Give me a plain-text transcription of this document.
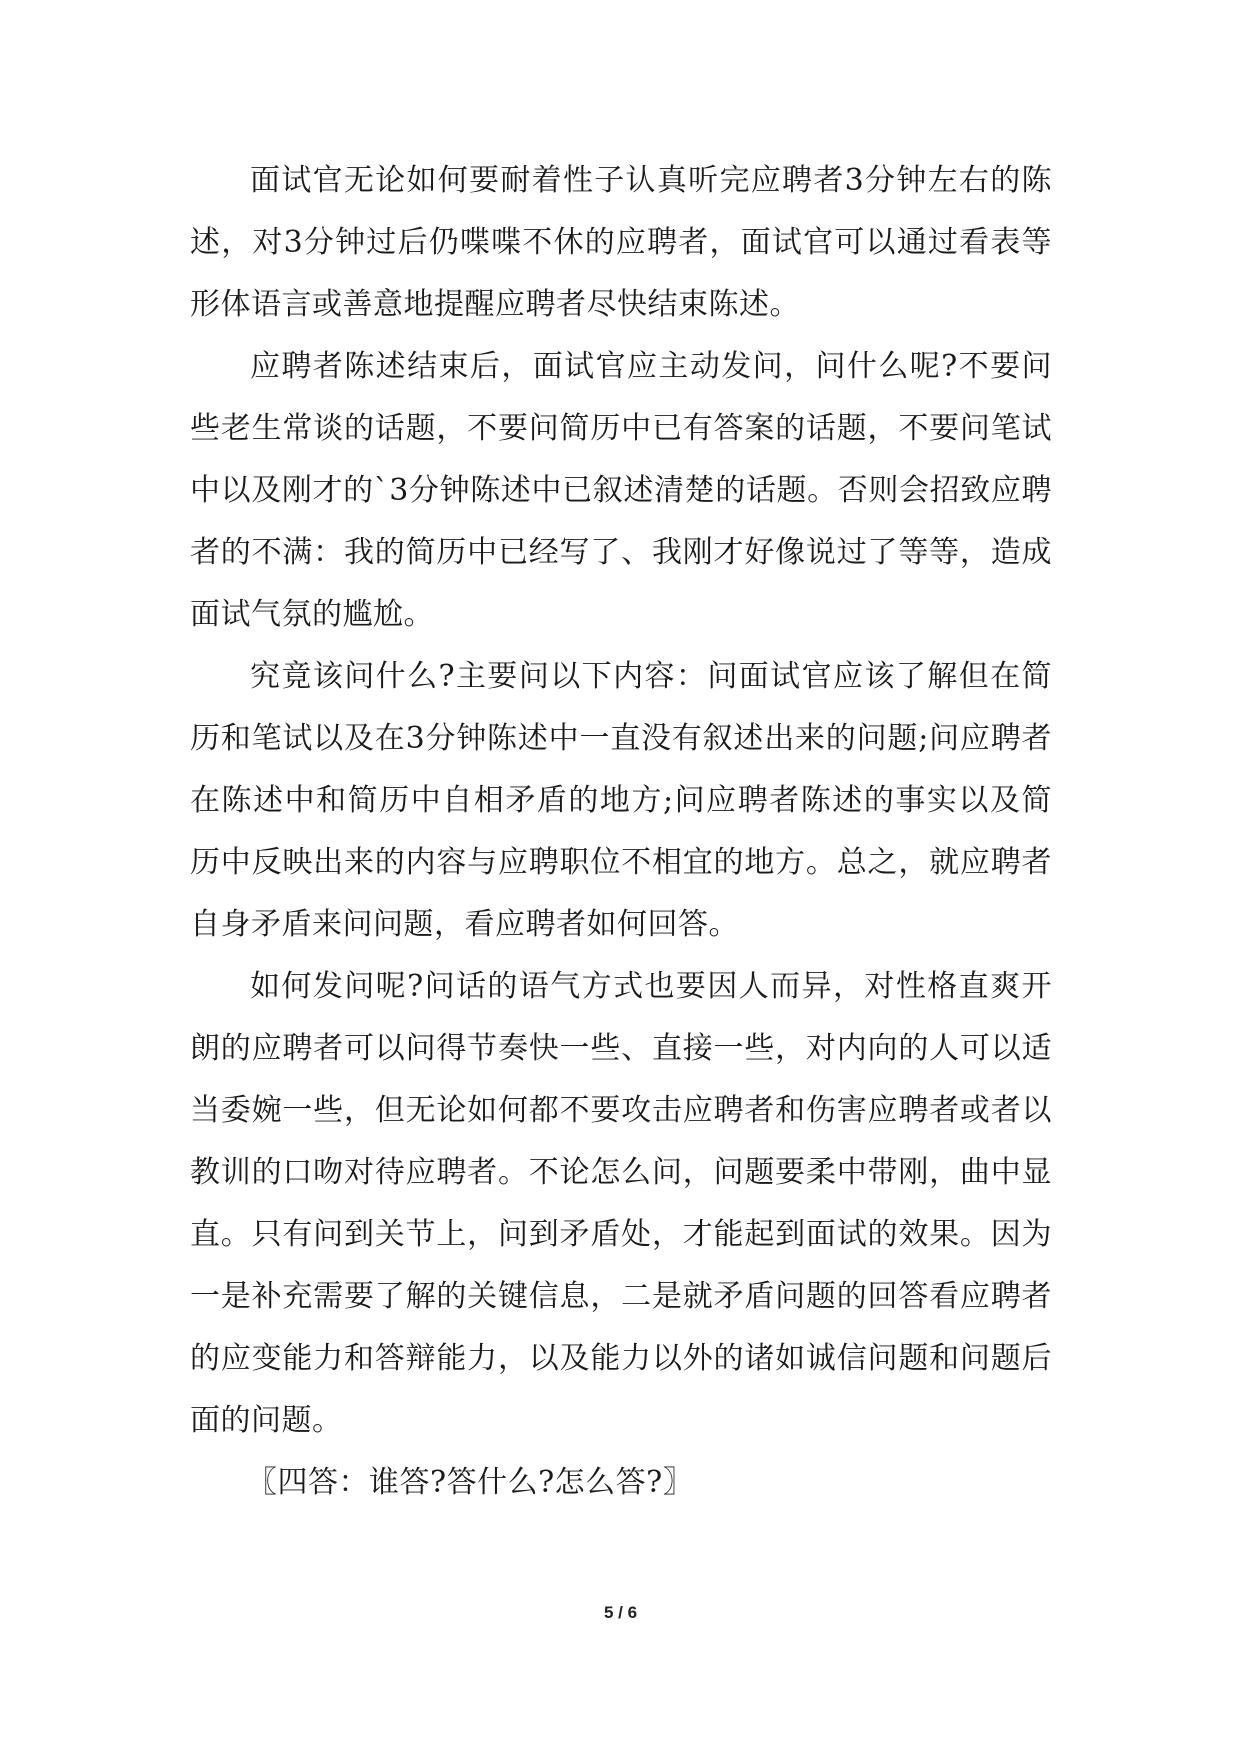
面试官无论如何要耐着性子认真听完应聘者3分钟左右的陈述，对3分钟过后仍喋喋不休的应聘者，面试官可以通过看表等形体语言或善意地提醒应聘者尽快结束陈述。

应聘者陈述结束后，面试官应主动发问，问什么呢?不要问些老生常谈的话题，不要问简历中已有答案的话题，不要问笔试中以及刚才的`3分钟陈述中已叙述清楚的话题。否则会招致应聘者的不满：我的简历中已经写了、我刚才好像说过了等等，造成面试气氛的尴尬。

究竟该问什么?主要问以下内容：问面试官应该了解但在简历和笔试以及在3分钟陈述中一直没有叙述出来的问题;问应聘者在陈述中和简历中自相矛盾的地方;问应聘者陈述的事实以及简历中反映出来的内容与应聘职位不相宜的地方。总之，就应聘者自身矛盾来问问题，看应聘者如何回答。

如何发问呢?问话的语气方式也要因人而异，对性格直爽开朗的应聘者可以问得节奏快一些、直接一些，对内向的人可以适当委婉一些，但无论如何都不要攻击应聘者和伤害应聘者或者以教训的口吻对待应聘者。不论怎么问，问题要柔中带刚，曲中显直。只有问到关节上，问到矛盾处，才能起到面试的效果。因为一是补充需要了解的关键信息，二是就矛盾问题的回答看应聘者的应变能力和答辩能力，以及能力以外的诸如诚信问题和问题后面的问题。

〖四答：谁答?答什么?怎么答?〗

5 / 6
